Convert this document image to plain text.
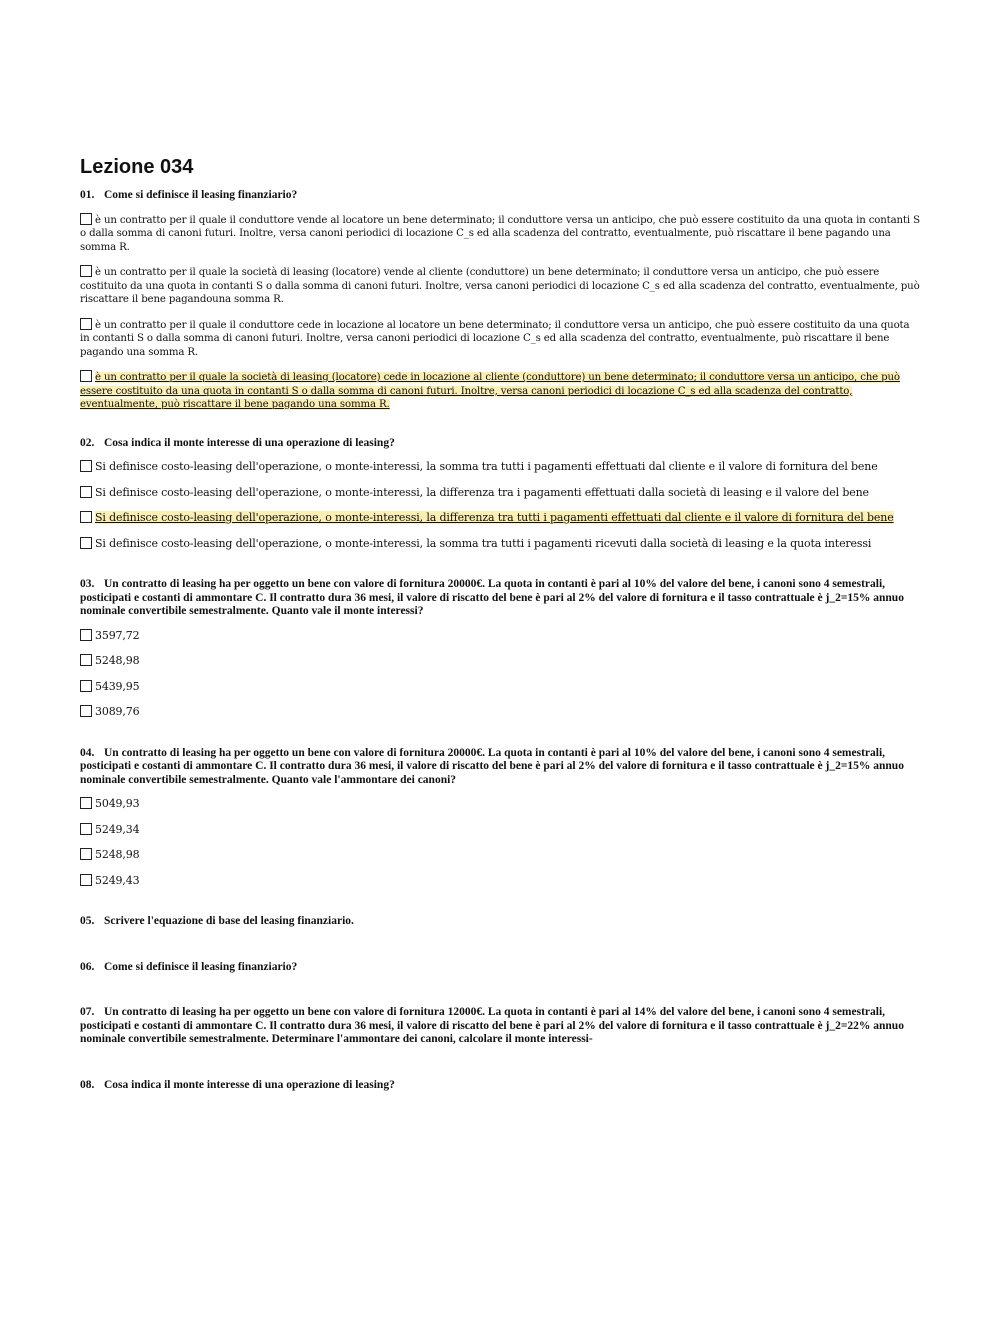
Lezione 034
01. Come si definisce il leasing finanziario?
è un contratto per il quale il conduttore vende al locatore un bene determinato; il conduttore versa un anticipo, che può essere costituito da una quota in contanti S o dalla somma di canoni futuri. Inoltre, versa canoni periodici di locazione C_s ed alla scadenza del contratto, eventualmente, può riscattare il bene pagando una somma R.
è un contratto per il quale la società di leasing (locatore) vende al cliente (conduttore) un bene determinato; il conduttore versa un anticipo, che può essere costituito da una quota in contanti S o dalla somma di canoni futuri. Inoltre, versa canoni periodici di locazione C_s ed alla scadenza del contratto, eventualmente, può riscattare il bene pagandouna somma R.
è un contratto per il quale il conduttore cede in locazione al locatore un bene determinato; il conduttore versa un anticipo, che può essere costituito da una quota in contanti S o dalla somma di canoni futuri. Inoltre, versa canoni periodici di locazione C_s ed alla scadenza del contratto, eventualmente, può riscattare il bene pagando una somma R.
è un contratto per il quale la società di leasing (locatore) cede in locazione al cliente (conduttore) un bene determinato; il conduttore versa un anticipo, che può essere costituito da una quota in contanti S o dalla somma di canoni futuri. Inoltre, versa canoni periodici di locazione C_s ed alla scadenza del contratto, eventualmente, può riscattare il bene pagando una somma R.
02. Cosa indica il monte interesse di una operazione di leasing?
Si definisce costo-leasing dell'operazione, o monte-interessi, la somma tra tutti i pagamenti effettuati dal cliente e il valore di fornitura del bene
Si definisce costo-leasing dell'operazione, o monte-interessi, la differenza tra i pagamenti effettuati dalla società di leasing e il valore del bene
Si definisce costo-leasing dell'operazione, o monte-interessi, la differenza tra tutti i pagamenti effettuati dal cliente e il valore di fornitura del bene
Si definisce costo-leasing dell'operazione, o monte-interessi, la somma tra tutti i pagamenti ricevuti dalla società di leasing e la quota interessi
03. Un contratto di leasing ha per oggetto un bene con valore di fornitura 20000€. La quota in contanti è pari al 10% del valore del bene, i canoni sono 4 semestrali, posticipati e costanti di ammontare C. Il contratto dura 36 mesi, il valore di riscatto del bene è pari al 2% del valore di fornitura e il tasso contrattuale è j_2=15% annuo nominale convertibile semestralmente. Quanto vale il monte interessi?
3597,72
5248,98
5439,95
3089,76
04. Un contratto di leasing ha per oggetto un bene con valore di fornitura 20000€. La quota in contanti è pari al 10% del valore del bene, i canoni sono 4 semestrali, posticipati e costanti di ammontare C. Il contratto dura 36 mesi, il valore di riscatto del bene è pari al 2% del valore di fornitura e il tasso contrattuale è j_2=15% annuo nominale convertibile semestralmente. Quanto vale l'ammontare dei canoni?
5049,93
5249,34
5248,98
5249,43
05. Scrivere l'equazione di base del leasing finanziario.
06. Come si definisce il leasing finanziario?
07. Un contratto di leasing ha per oggetto un bene con valore di fornitura 12000€. La quota in contanti è pari al 14% del valore del bene, i canoni sono 4 semestrali, posticipati e costanti di ammontare C. Il contratto dura 36 mesi, il valore di riscatto del bene è pari al 2% del valore di fornitura e il tasso contrattuale è j_2=22% annuo nominale convertibile semestralmente. Determinare l'ammontare dei canoni, calcolare il monte interessi-
08. Cosa indica il monte interesse di una operazione di leasing?
